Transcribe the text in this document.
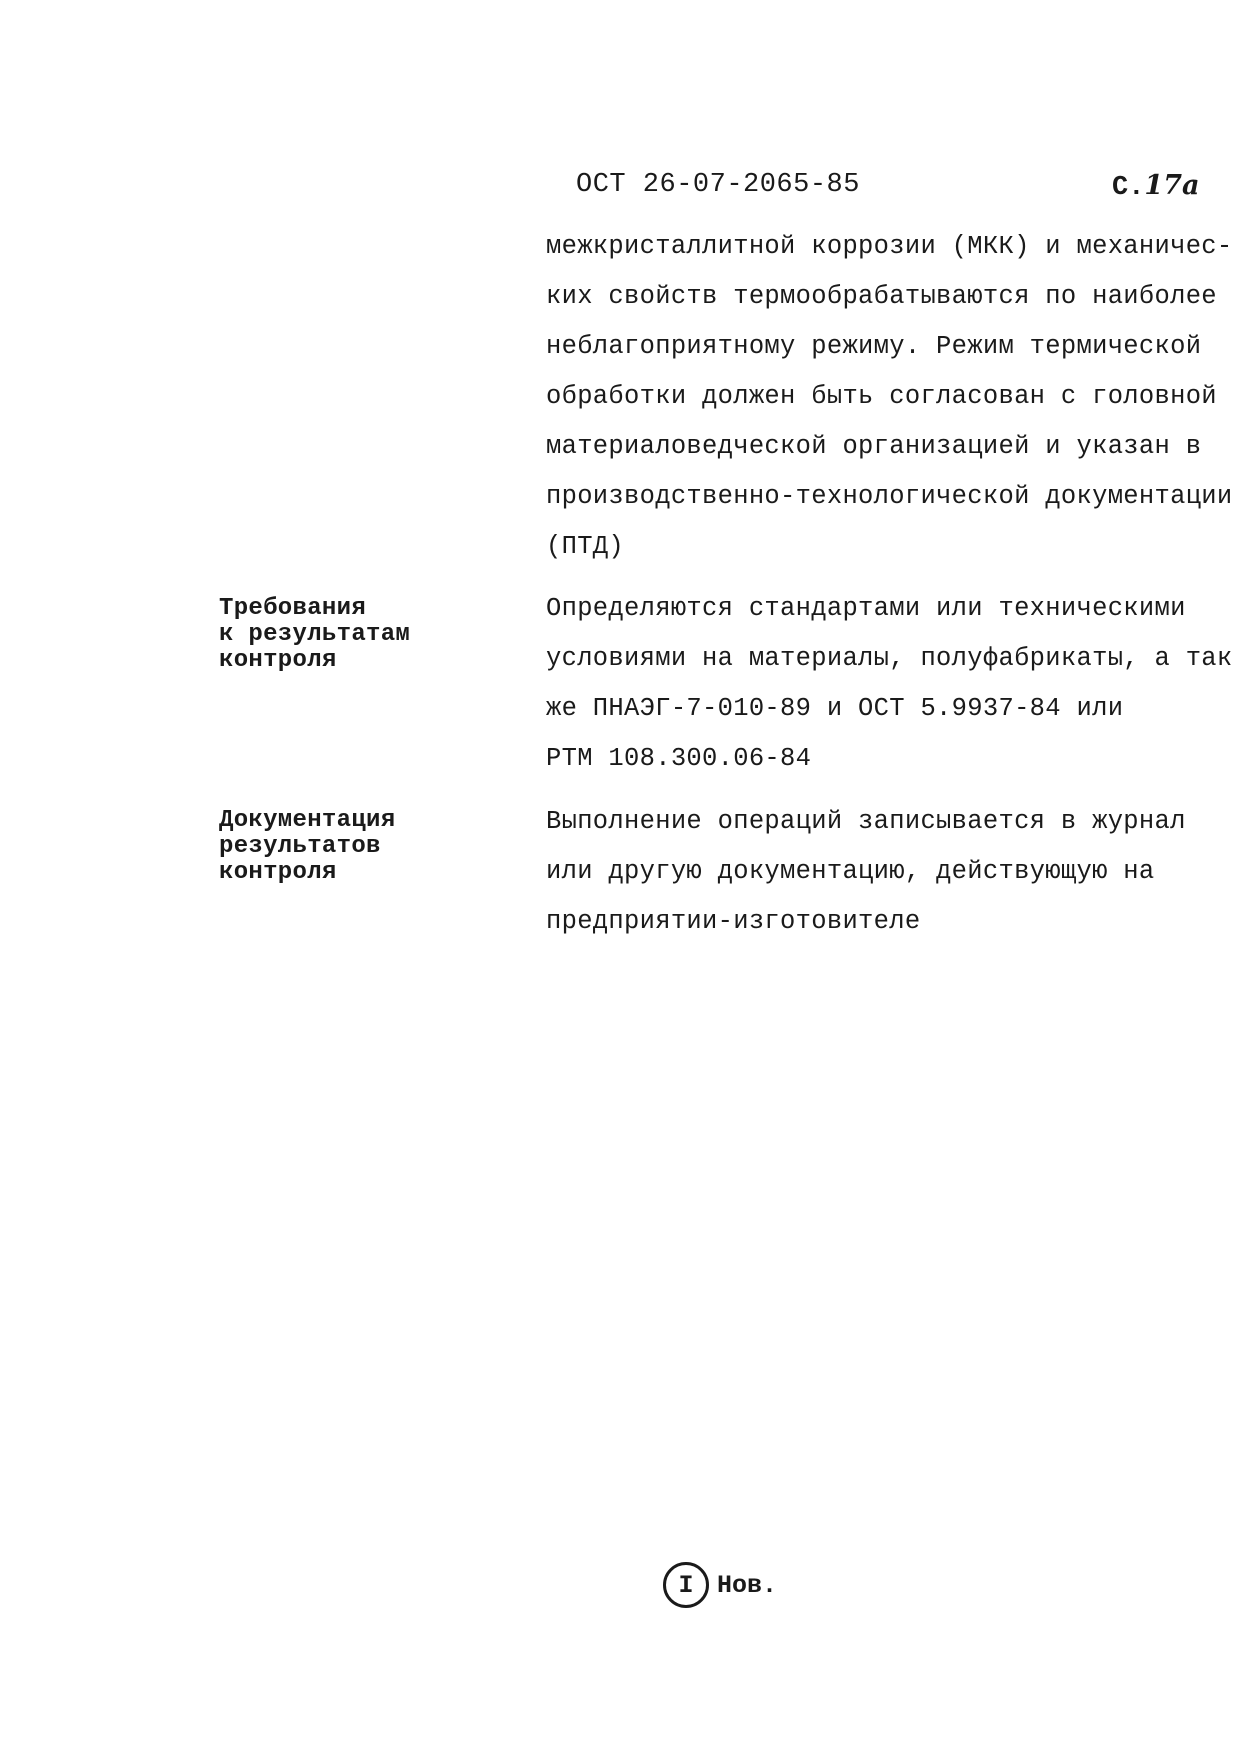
ОСТ 26-07-2065-85	С.17а
межкристаллитной коррозии (МКК) и механичес-
ких свойств термообрабатываются по наиболее
неблагоприятному режиму. Режим термической
обработки должен быть согласован с головной
материаловедческой организацией и указан в
производственно-технологической документации
(ПТД)
Требования
к результатам
контроля
Определяются стандартами или техническими
условиями на материалы, полуфабрикаты, а так
же ПНАЭГ-7-010-89 и ОСТ 5.9937-84 или
РТМ 108.300.06-84
Документация
результатов
контроля
Выполнение операций записывается в журнал
или другую документацию, действующую на
предприятии-изготовителе
I Нов.
